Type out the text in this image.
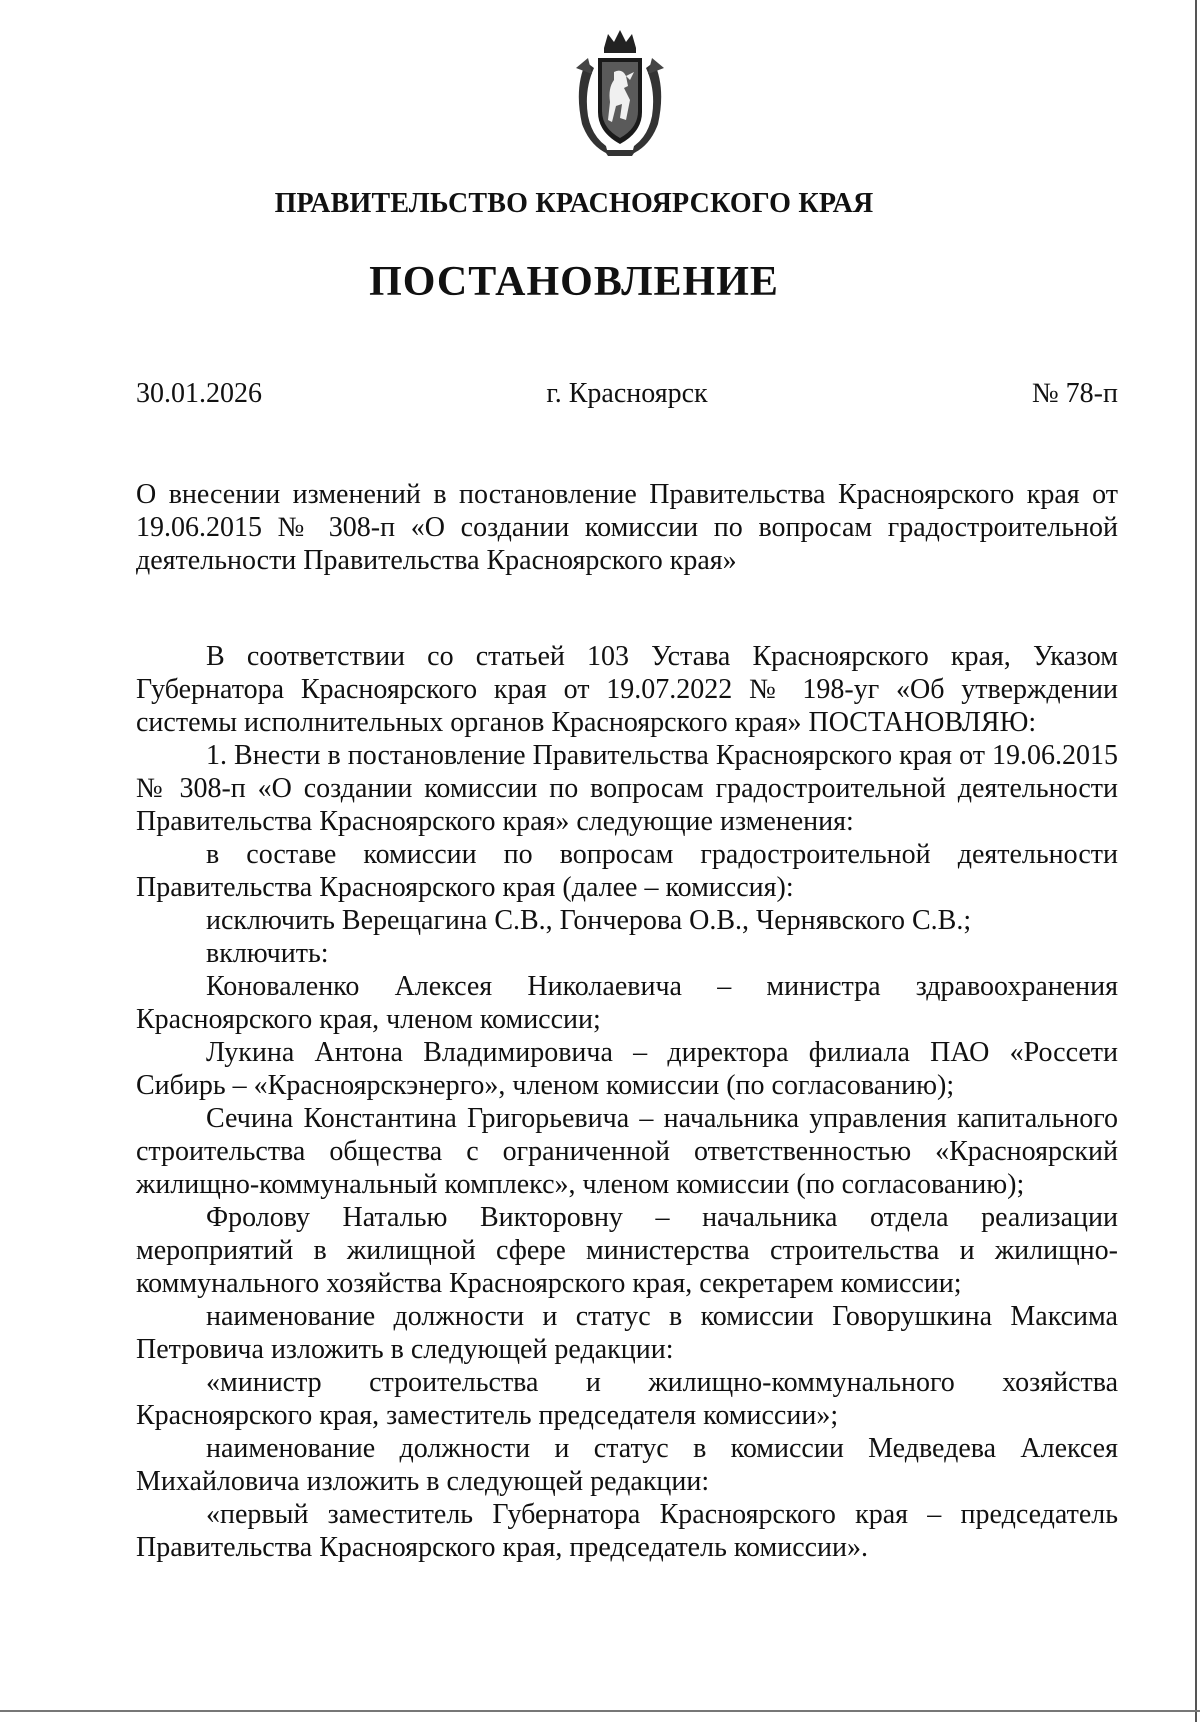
ПРАВИТЕЛЬСТВО КРАСНОЯРСКОГО КРАЯ
ПОСТАНОВЛЕНИЕ
30.01.2026	г. Красноярск	№ 78-п
О внесении изменений в постановление Правительства Красноярского края от 19.06.2015 № 308-п «О создании комиссии по вопросам градостроительной деятельности Правительства Красноярского края»

В соответствии со статьей 103 Устава Красноярского края, Указом Губернатора Красноярского края от 19.07.2022 № 198-уг «Об утверждении системы исполнительных органов Красноярского края» ПОСТАНОВЛЯЮ:

1. Внести в постановление Правительства Красноярского края от 19.06.2015 № 308-п «О создании комиссии по вопросам градостроительной деятельности Правительства Красноярского края» следующие изменения:

в составе комиссии по вопросам градостроительной деятельности Правительства Красноярского края (далее – комиссия):

исключить Верещагина С.В., Гончерова О.В., Чернявского С.В.;

включить:

Коноваленко Алексея Николаевича – министра здравоохранения Красноярского края, членом комиссии;

Лукина Антона Владимировича – директора филиала ПАО «Россети Сибирь – «Красноярскэнерго», членом комиссии (по согласованию);

Сечина Константина Григорьевича – начальника управления капитального строительства общества с ограниченной ответственностью «Красноярский жилищно-коммунальный комплекс», членом комиссии (по согласованию);

Фролову Наталью Викторовну – начальника отдела реализации мероприятий в жилищной сфере министерства строительства и жилищно-коммунального хозяйства Красноярского края, секретарем комиссии;

наименование должности и статус в комиссии Говорушкина Максима Петровича изложить в следующей редакции:

«министр строительства и жилищно-коммунального хозяйства Красноярского края, заместитель председателя комиссии»;

наименование должности и статус в комиссии Медведева Алексея Михайловича изложить в следующей редакции:

«первый заместитель Губернатора Красноярского края – председатель Правительства Красноярского края, председатель комиссии».
